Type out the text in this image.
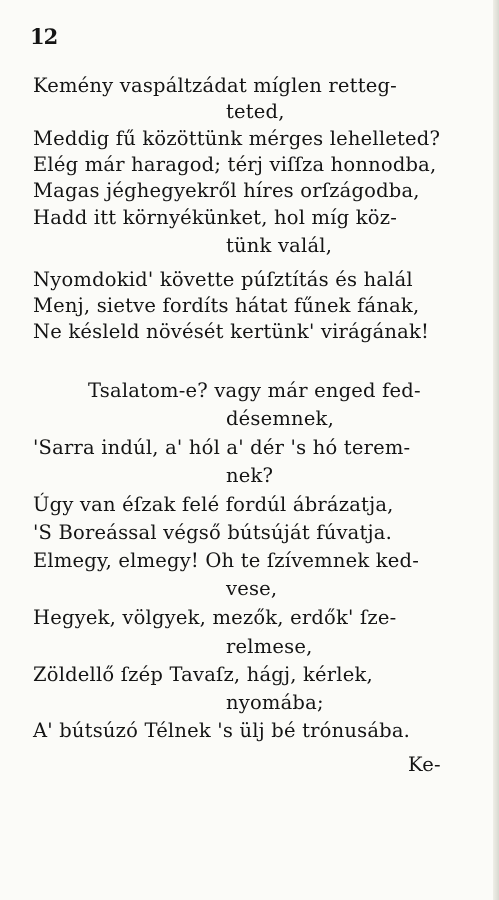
12
Kemény vaspáltzádat míglen retteg-
teted,
Meddig fű közöttünk mérges lehelleted?
Elég már haragod; térj viſſza honnodba,
Magas jéghegyekről híres orſzágodba,
Hadd itt környékünket, hol míg köz-
tünk valál,
Nyomdokid' követte púſztítás és halál
Menj, sietve fordíts hátat fűnek fának,
Ne késleld növését kertünk' virágának!
Tsalatom-e? vagy már enged fed-
désemnek,
'Sarra indúl, a' hól a' dér 's hó terem-
nek?
Úgy van éſzak felé fordúl ábrázatja,
'S Boreással végső bútsúját fúvatja.
Elmegy, elmegy! Oh te ſzívemnek ked-
vese,
Hegyek, völgyek, mezők, erdők' ſze-
relmese,
Zöldellő ſzép Tavaſz, hágj, kérlek,
nyomába;
A' bútsúzó Télnek 's ülj bé trónusába.
Ke-
